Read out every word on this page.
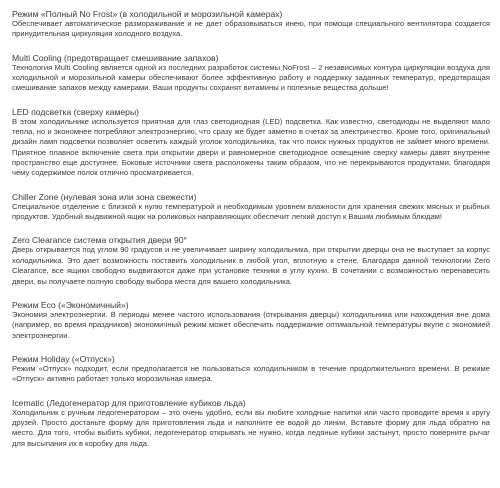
Режим «Полный No Frost» (в холодильной и морозильной камерах)
Обеспечивает автоматическое размораживание и не дает образовываться инею, при помощи специального вентилятора создается принудительная циркуляция холодного воздуха.
Multi Cooling (предотвращает смешивание запахов)
Технология Multi Cooling является одной из последних разработок системы NoFrost – 2 независимых контура циркуляции воздуха для холодильной и морозильной камеры обеспечивают более эффективную работу и поддержку заданных температур, предотвращая смешивание запахов между камерами. Ваши продукты сохранят витамины и полезные вещества дольше!
LED подсветка (сверху камеры)
В этом холодильнике используется приятная для глаз светодиодная (LED) подсветка. Как известно, светодиоды не выделяют мало тепла, но и экономнее потребляют электроэнергию, что сразу же будет заметно в счетах за электричество. Кроме того, оригинальный дизайн ламп подсветки позволяет осветить каждый уголок холодильника, так что поиск нужных продуктов не займет много времени. Приятное плавное включение света при открытии двери и равномерное светодиодное освещение сверху камеры давят внутренне пространство еще доступнее. Боковые источники света расположены таким образом, что не перекрываются продуктами, благодаря чему содержимое полок отлично просматривается.
Chiller Zone (нулевая зона или зона свежести)
Специальное отделение с близкой к нулю температурой и необходимым уровнем влажности для хранения свежих мясных и рыбных продуктов. Удобный выдвижной ящик на роликовых направляющих обеспечит легкий доступ к Вашим любимым блюдам!
Zero Clearance система открытия двери 90°
Дверь открывается под углом 90 градусов и не увеличивает ширину холодильника, при открытии дверцы она не выступает за корпус холодильника. Это дает возможность поставить холодильник в любой угол, вплотную к стене. Благодаря данной технологии Zero Clearance, все ящики свободно выдвигаются даже при установке техники в углу кухни. В сочетании с возможностью перенавесить двери, вы получаете полную свободу выбора места для вашего холодильника.
Режим Eco («Экономичный»)
Экономия электроэнергии. В периоды менее частого использования (открывания дверцы) холодильника или нахождения вне дома (например, во время праздников) экономичный режим может обеспечить поддержание оптимальной температуры вкупе с экономией электроэнергии.
Режим Holiday («Отпуск»)
Режим «Отпуск» подходит, если предполагается не пользоваться холодильником в течение продолжительного времени. В режиме «Отпуск» активно работает только морозильная камера.
Icematic (Ледогенератор для приготовление кубиков льда)
Холодильник с ручным ледогенератором – это очень удобно, если вы любите холодные напитки или часто проводите время к кругу друзей. Просто достаньте форму для приготовления льда и наполните ее водой до линии. Вставьте форму для льда обратно на место. Для того, чтобы выбить кубики, ледогенератор открывать не нужно, когда ледяные кубики застынут, просто поверните рычаг для высыпания их в коробку для льда.
